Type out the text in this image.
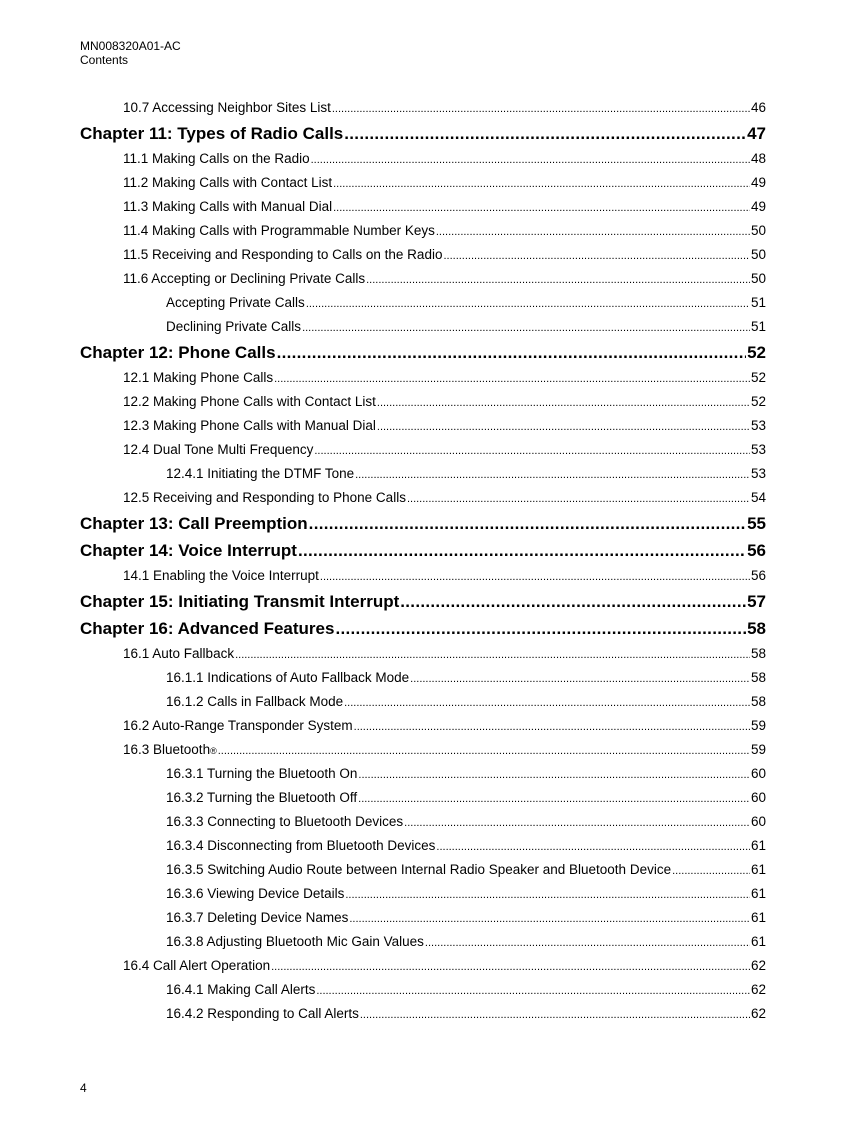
MN008320A01-AC
Contents
10.7 Accessing Neighbor Sites List .....	46
Chapter 11: Types of Radio Calls .....	47
11.1 Making Calls on the Radio .....	48
11.2 Making Calls with Contact List .....	49
11.3 Making Calls with Manual Dial .....	49
11.4 Making Calls with Programmable Number Keys .....	50
11.5 Receiving and Responding to Calls on the Radio .....	50
11.6 Accepting or Declining Private Calls .....	50
Accepting Private Calls .....	51
Declining Private Calls .....	51
Chapter 12: Phone Calls .....	52
12.1 Making Phone Calls .....	52
12.2 Making Phone Calls with Contact List .....	52
12.3 Making Phone Calls with Manual Dial .....	53
12.4 Dual Tone Multi Frequency .....	53
12.4.1 Initiating the DTMF Tone .....	53
12.5 Receiving and Responding to Phone Calls .....	54
Chapter 13: Call Preemption .....	55
Chapter 14: Voice Interrupt .....	56
14.1 Enabling the Voice Interrupt .....	56
Chapter 15: Initiating Transmit Interrupt .....	57
Chapter 16: Advanced Features .....	58
16.1 Auto Fallback .....	58
16.1.1 Indications of Auto Fallback Mode .....	58
16.1.2 Calls in Fallback Mode .....	58
16.2 Auto-Range Transponder System .....	59
16.3 Bluetooth ® .....	59
16.3.1 Turning the Bluetooth On .....	60
16.3.2 Turning the Bluetooth Off .....	60
16.3.3 Connecting to Bluetooth Devices .....	60
16.3.4 Disconnecting from Bluetooth Devices .....	61
16.3.5 Switching Audio Route between Internal Radio Speaker and Bluetooth Device .....	61
16.3.6 Viewing Device Details .....	61
16.3.7 Deleting Device Names .....	61
16.3.8 Adjusting Bluetooth Mic Gain Values .....	61
16.4 Call Alert Operation .....	62
16.4.1 Making Call Alerts .....	62
16.4.2 Responding to Call Alerts .....	62
4
